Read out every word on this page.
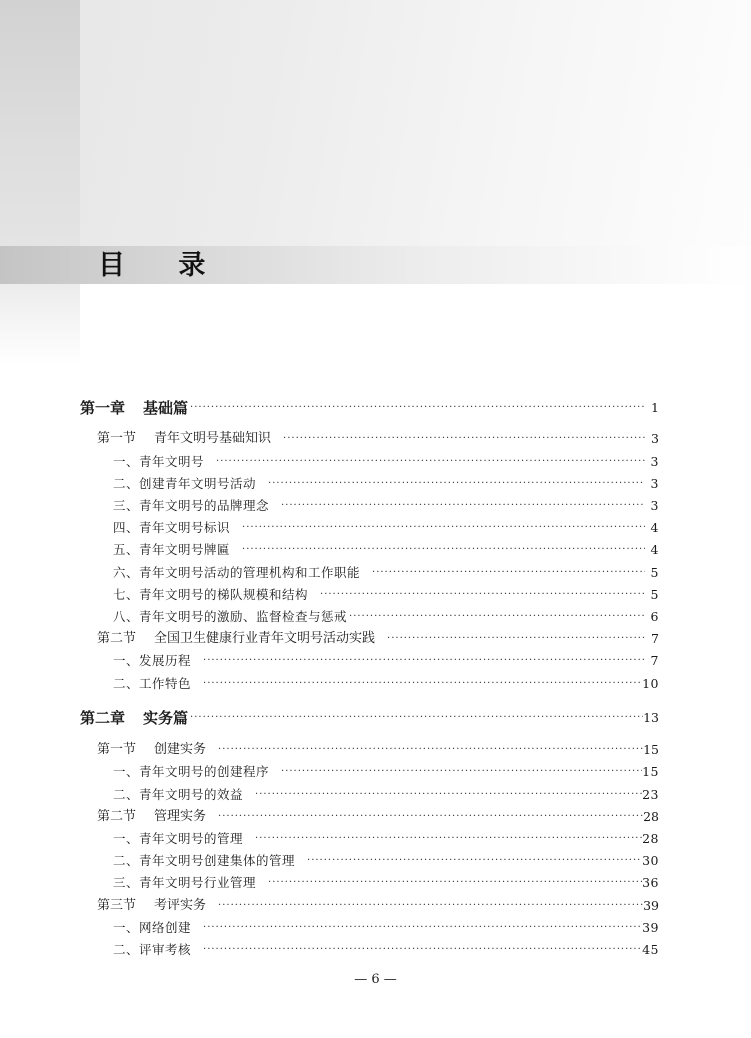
目 录
第一章 基础篇 ·····	1
第一节 青年文明号基础知识 ·····	3
一、青年文明号 ·····	3
二、创建青年文明号活动 ·····	3
三、青年文明号的品牌理念 ·····	3
四、青年文明号标识 ·····	4
五、青年文明号牌匾 ·····	4
六、青年文明号活动的管理机构和工作职能 ·····	5
七、青年文明号的梯队规模和结构 ·····	5
八、青年文明号的激励、监督检查与惩戒 ·····	6
第二节 全国卫生健康行业青年文明号活动实践 ·····	7
一、发展历程 ·····	7
二、工作特色 ·····	10
第二章 实务篇 ·····	13
第一节 创建实务 ·····	15
一、青年文明号的创建程序 ·····	15
二、青年文明号的效益 ·····	23
第二节 管理实务 ·····	28
一、青年文明号的管理 ·····	28
二、青年文明号创建集体的管理 ·····	30
三、青年文明号行业管理 ·····	36
第三节 考评实务 ·····	39
一、网络创建 ·····	39
二、评审考核 ·····	45
— 6 —
